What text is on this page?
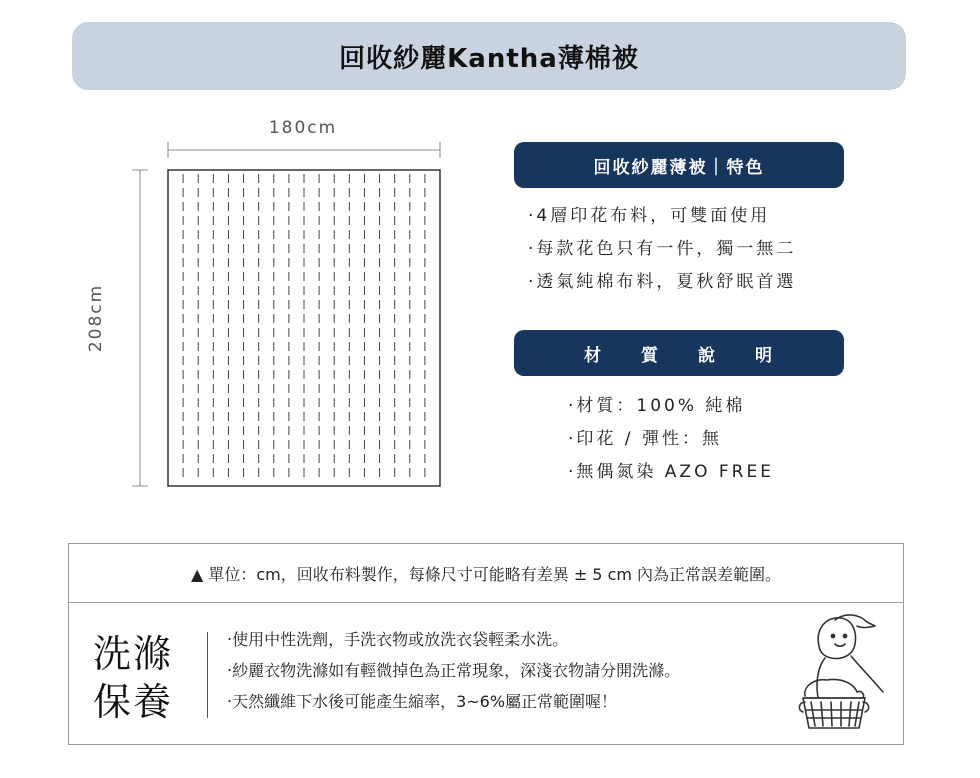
回收紗麗Kantha薄棉被
180cm
208cm
回收紗麗薄被｜特色
‧4層印花布料，可雙面使用
‧每款花色只有一件，獨一無二
‧透氣純棉布料，夏秋舒眠首選
材 質 說 明
‧材質：100% 純棉
‧印花 / 彈性：無
‧無偶氮染 AZO FREE
▲ 單位：cm，回收布料製作，每條尺寸可能略有差異 ± 5 cm 內為正常誤差範圍。
洗滌
保養
‧使用中性洗劑，手洗衣物或放洗衣袋輕柔水洗。
‧紗麗衣物洗滌如有輕微掉色為正常現象，深淺衣物請分開洗滌。
‧天然纖維下水後可能產生縮率，3~6%屬正常範圍喔！
